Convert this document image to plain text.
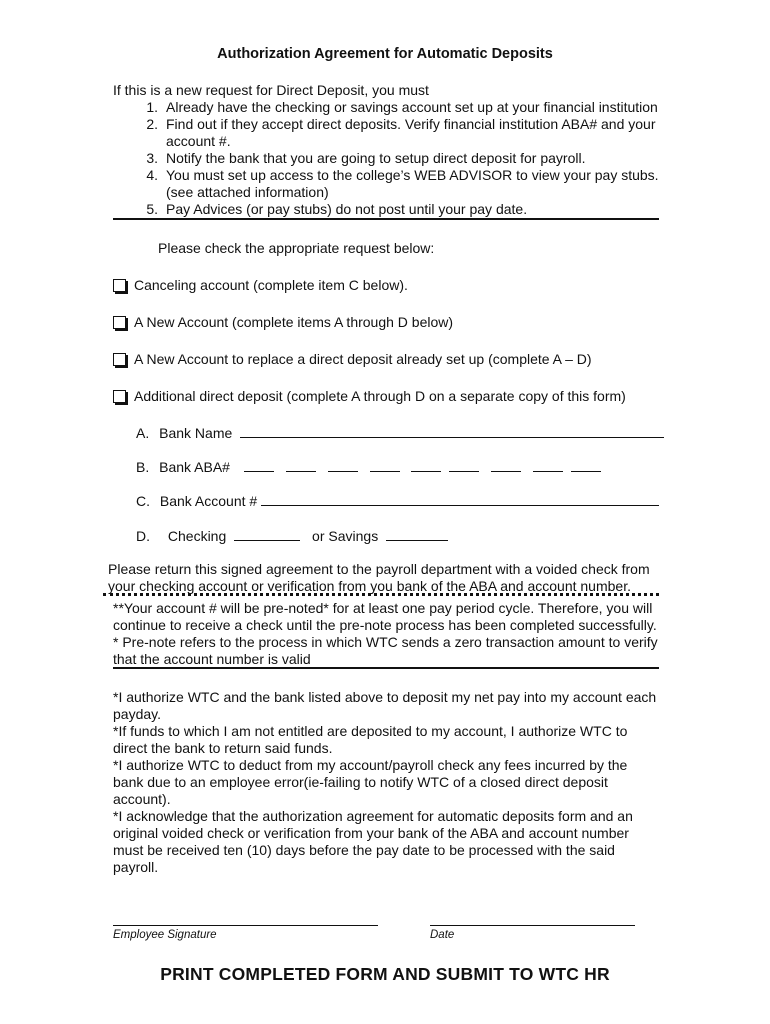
Authorization Agreement for Automatic Deposits
If this is a new request for Direct Deposit, you must
1. Already have the checking or savings account set up at your financial institution
2. Find out if they accept direct deposits. Verify financial institution ABA# and your account #.
3. Notify the bank that you are going to setup direct deposit for payroll.
4. You must set up access to the college’s WEB ADVISOR to view your pay stubs. (see attached information)
5. Pay Advices (or pay stubs) do not post until your pay date.
Please check the appropriate request below:
Canceling account (complete item C below).
A New Account (complete items A through D below)
A New Account to replace a direct deposit already set up (complete A – D)
Additional direct deposit (complete A through D on a separate copy of this form)
A. Bank Name
B. Bank ABA#
C. Bank Account #
D. Checking	or Savings
Please return this signed agreement to the payroll department with a voided check from your checking account or verification from you bank of the ABA and account number.
**Your account # will be pre-noted* for at least one pay period cycle. Therefore, you will continue to receive a check until the pre-note process has been completed successfully. * Pre-note refers to the process in which WTC sends a zero transaction amount to verify that the account number is valid
*I authorize WTC and the bank listed above to deposit my net pay into my account each payday.
*If funds to which I am not entitled are deposited to my account, I authorize WTC to direct the bank to return said funds.
*I authorize WTC to deduct from my account/payroll check any fees incurred by the bank due to an employee error(ie-failing to notify WTC of a closed direct deposit account).
*I acknowledge that the authorization agreement for automatic deposits form and an original voided check or verification from your bank of the ABA and account number must be received ten (10) days before the pay date to be processed with the said payroll.
Employee Signature	Date
PRINT COMPLETED FORM AND SUBMIT TO WTC HR
